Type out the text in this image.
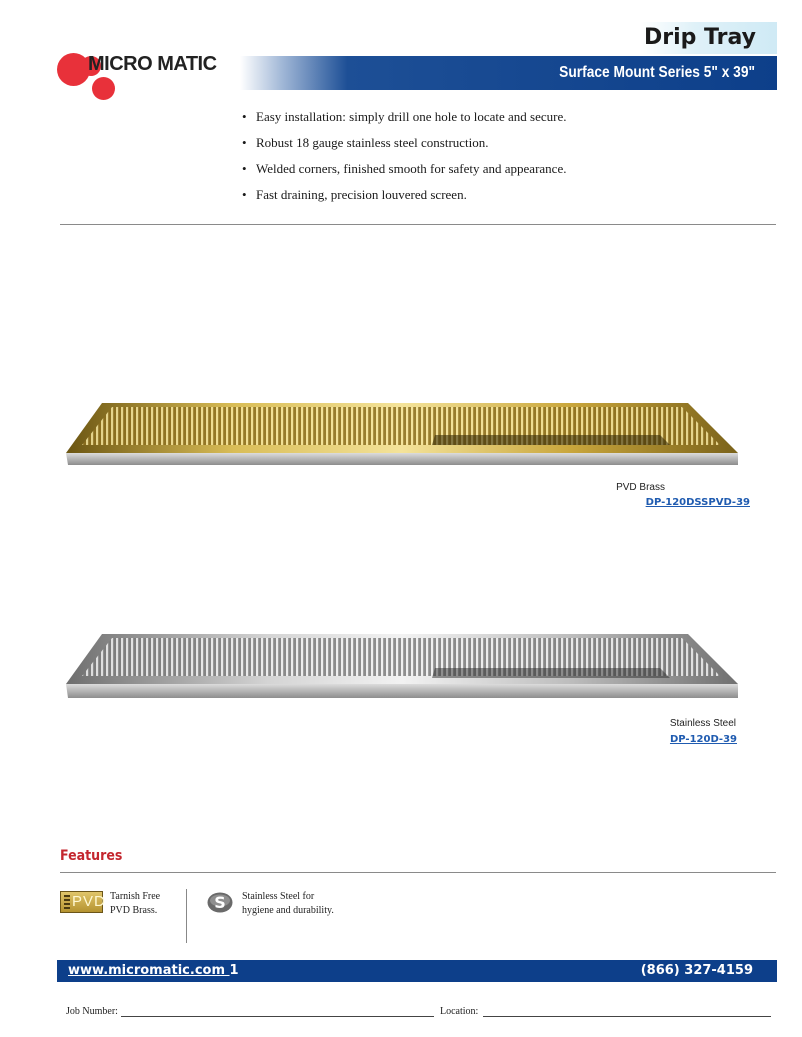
MICRO MATIC
Drip Tray
Surface Mount Series 5" x 39"
• Easy installation: simply drill one hole to locate and secure.
• Robust 18 gauge stainless steel construction.
• Welded corners, finished smooth for safety and appearance.
• Fast draining, precision louvered screen.
PVD Brass
DP-120DSSPVD-39
Stainless Steel
DP-120D-39
Features
PVD Tarnish Free
PVD Brass.	S Stainless Steel for
hygiene and durability.
www.micromatic.com 1	(866) 327-4159
Job Number:	Location:
